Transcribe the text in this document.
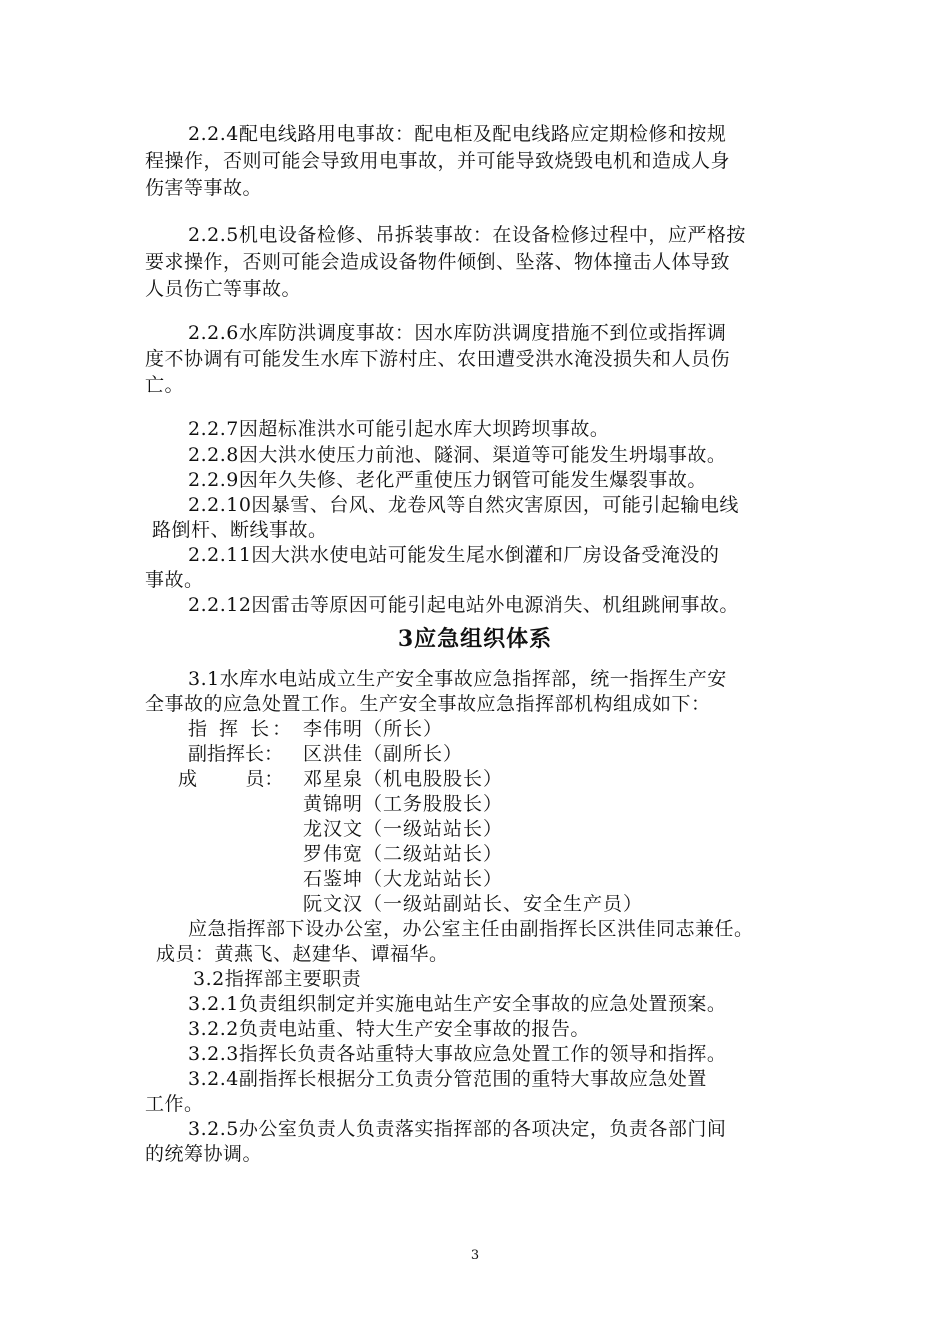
2.2.4配电线路用电事故：配电柜及配电线路应定期检修和按规
程操作，否则可能会导致用电事故，并可能导致烧毁电机和造成人身
伤害等事故。
2.2.5机电设备检修、吊拆装事故：在设备检修过程中，应严格按
要求操作，否则可能会造成设备物件倾倒、坠落、物体撞击人体导致
人员伤亡等事故。
2.2.6水库防洪调度事故：因水库防洪调度措施不到位或指挥调
度不协调有可能发生水库下游村庄、农田遭受洪水淹没损失和人员伤
亡。
2.2.7因超标准洪水可能引起水库大坝跨坝事故。
2.2.8因大洪水使压力前池、隧洞、渠道等可能发生坍塌事故。
2.2.9因年久失修、老化严重使压力钢管可能发生爆裂事故。
2.2.10因暴雪、台风、龙卷风等自然灾害原因，可能引起输电线
路倒杆、断线事故。
2.2.11因大洪水使电站可能发生尾水倒灌和厂房设备受淹没的
事故。
2.2.12因雷击等原因可能引起电站外电源消失、机组跳闸事故。
3应急组织体系
3.1水库水电站成立生产安全事故应急指挥部，统一指挥生产安
全事故的应急处置工作。生产安全事故应急指挥部机构组成如下：
指 挥 长： 李伟明（所长）
副指挥长： 区洪佳（副所长）
成        员： 邓星泉（机电股股长）
黄锦明（工务股股长）
龙汉文（一级站站长）
罗伟宽（二级站站长）
石鉴坤（大龙站站长）
阮文汉（一级站副站长、安全生产员）
应急指挥部下设办公室，办公室主任由副指挥长区洪佳同志兼任。
成员：黄燕飞、赵建华、谭福华。
3.2指挥部主要职责
3.2.1负责组织制定并实施电站生产安全事故的应急处置预案。
3.2.2负责电站重、特大生产安全事故的报告。
3.2.3指挥长负责各站重特大事故应急处置工作的领导和指挥。
3.2.4副指挥长根据分工负责分管范围的重特大事故应急处置
工作。
3.2.5办公室负责人负责落实指挥部的各项决定，负责各部门间
的统筹协调。
3
